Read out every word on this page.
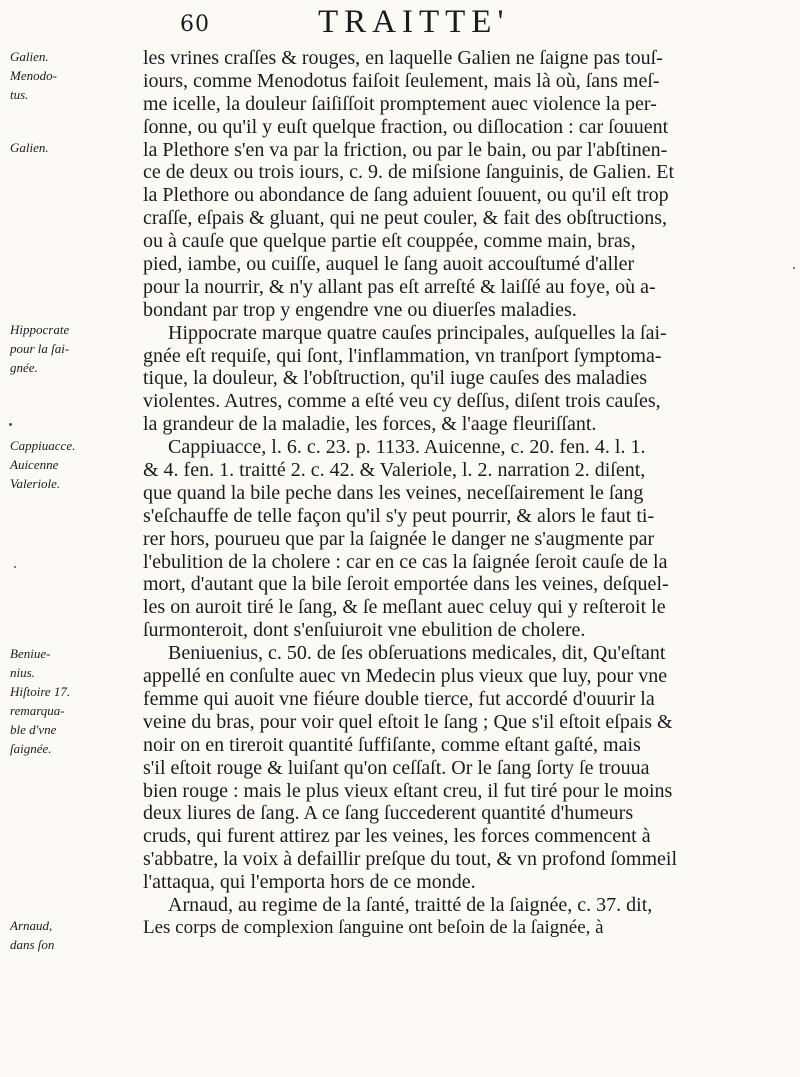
60	TRAITTE'
les vrines craſſes & rouges, en laquelle Galien ne ſaigne pas touſ-
iours, comme Menodotus faiſoit ſeulement, mais là où, ſans meſ-
me icelle, la douleur ſaiſiſſoit promptement auec violence la per-
ſonne, ou qu'il y euſt quelque fraction, ou diſlocation : car ſouuent
la Plethore s'en va par la friction, ou par le bain, ou par l'abſtinen-
ce de deux ou trois iours, c. 9. de miſsione ſanguinis, de Galien. Et
la Plethore ou abondance de ſang aduient ſouuent, ou qu'il eſt trop
craſſe, eſpais & gluant, qui ne peut couler, & fait des obſtructions,
ou à cauſe que quelque partie eſt couppée, comme main, bras,
pied, iambe, ou cuiſſe, auquel le ſang auoit accouſtumé d'aller
pour la nourrir, & n'y allant pas eſt arreſté & laiſſé au foye, où a-
bondant par trop y engendre vne ou diuerſes maladies.
Hippocrate marque quatre cauſes principales, auſquelles la ſai-
gnée eſt requiſe, qui ſont, l'inflammation, vn tranſport ſymptoma-
tique, la douleur, & l'obſtruction, qu'il iuge cauſes des maladies
violentes. Autres, comme a eſté veu cy deſſus, diſent trois cauſes,
la grandeur de la maladie, les forces, & l'aage fleuriſſant.
Cappiuacce, l. 6. c. 23. p. 1133. Auicenne, c. 20. fen. 4. l. 1.
& 4. fen. 1. traitté 2. c. 42. & Valeriole, l. 2. narration 2. diſent,
que quand la bile peche dans les veines, neceſſairement le ſang
s'eſchauffe de telle façon qu'il s'y peut pourrir, & alors le faut ti-
rer hors, pourueu que par la ſaignée le danger ne s'augmente par
l'ebulition de la cholere : car en ce cas la ſaignée ſeroit cauſe de la
mort, d'autant que la bile ſeroit emportée dans les veines, deſquel-
les on auroit tiré le ſang, & ſe meſlant auec celuy qui y reſteroit le
ſurmonteroit, dont s'enſuiuroit vne ebulition de cholere.
Beniuenius, c. 50. de ſes obſeruations medicales, dit, Qu'eſtant
appellé en conſulte auec vn Medecin plus vieux que luy, pour vne
femme qui auoit vne fiéure double tierce, fut accordé d'ouurir la
veine du bras, pour voir quel eſtoit le ſang ; Que s'il eſtoit eſpais &
noir on en tireroit quantité ſuffiſante, comme eſtant gaſté, mais
s'il eſtoit rouge & luiſant qu'on ceſſaſt. Or le ſang ſorty ſe trouua
bien rouge : mais le plus vieux eſtant creu, il fut tiré pour le moins
deux liures de ſang. A ce ſang ſuccederent quantité d'humeurs
cruds, qui furent attirez par les veines, les forces commencent à
s'abbatre, la voix à defaillir preſque du tout, & vn profond ſommeil
l'attaqua, qui l'emporta hors de ce monde.
Arnaud, au regime de la ſanté, traitté de la ſaignée, c. 37. dit,
Les corps de complexion ſanguine ont beſoin de la ſaignée, à
Galien.
Menodo-
tus.
Galien.
Hippocrate
pour la ſai-
gnée.
Cappiuacce.
Auicenne
Valeriole.
Beniue-
nius.
Hiſtoire 17.
remarqua-
ble d'vne
ſaignée.
Arnaud,
dans ſon
